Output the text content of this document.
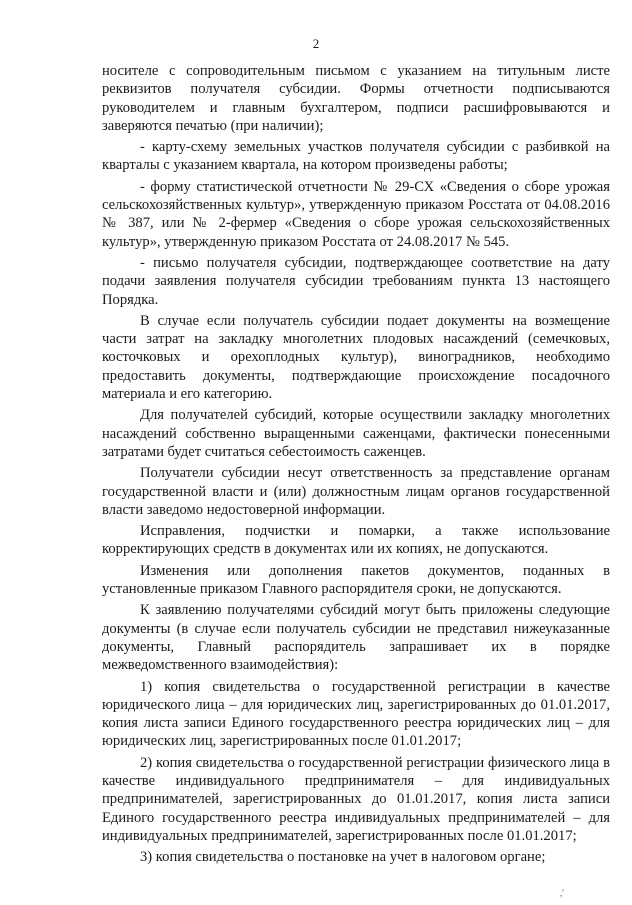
2

носителе с сопроводительным письмом с указанием на титульным листе реквизитов получателя субсидии. Формы отчетности подписываются руководителем и главным бухгалтером, подписи расшифровываются и заверяются печатью (при наличии);

- карту-схему земельных участков получателя субсидии с разбивкой на кварталы с указанием квартала, на котором произведены работы;

- форму статистической отчетности № 29-СХ «Сведения о сборе урожая сельскохозяйственных культур», утвержденную приказом Росстата от 04.08.2016 № 387, или № 2-фермер «Сведения о сборе урожая сельскохозяйственных культур», утвержденную приказом Росстата от 24.08.2017 № 545.

- письмо получателя субсидии, подтверждающее соответствие на дату подачи заявления получателя субсидии требованиям пункта 13 настоящего Порядка.

В случае если получатель субсидии подает документы на возмещение части затрат на закладку многолетних плодовых насаждений (семечковых, косточковых и орехоплодных культур), виноградников, необходимо предоставить документы, подтверждающие происхождение посадочного материала и его категорию.

Для получателей субсидий, которые осуществили закладку многолетних насаждений собственно выращенными саженцами, фактически понесенными затратами будет считаться себестоимость саженцев.

Получатели субсидии несут ответственность за представление органам государственной власти и (или) должностным лицам органов государственной власти заведомо недостоверной информации.

Исправления, подчистки и помарки, а также использование корректирующих средств в документах или их копиях, не допускаются.

Изменения или дополнения пакетов документов, поданных в установленные приказом Главного распорядителя сроки, не допускаются.

К заявлению получателями субсидий могут быть приложены следующие документы (в случае если получатель субсидии не представил нижеуказанные документы, Главный распорядитель запрашивает их в порядке межведомственного взаимодействия):

1) копия свидетельства о государственной регистрации в качестве юридического лица – для юридических лиц, зарегистрированных до 01.01.2017, копия листа записи Единого государственного реестра юридических лиц – для юридических лиц, зарегистрированных после 01.01.2017;

2) копия свидетельства о государственной регистрации физического лица в качестве индивидуального предпринимателя – для индивидуальных предпринимателей, зарегистрированных до 01.01.2017, копия листа записи Единого государственного реестра индивидуальных предпринимателей – для индивидуальных предпринимателей, зарегистрированных после 01.01.2017;

3) копия свидетельства о постановке на учет в налоговом органе;

,'
